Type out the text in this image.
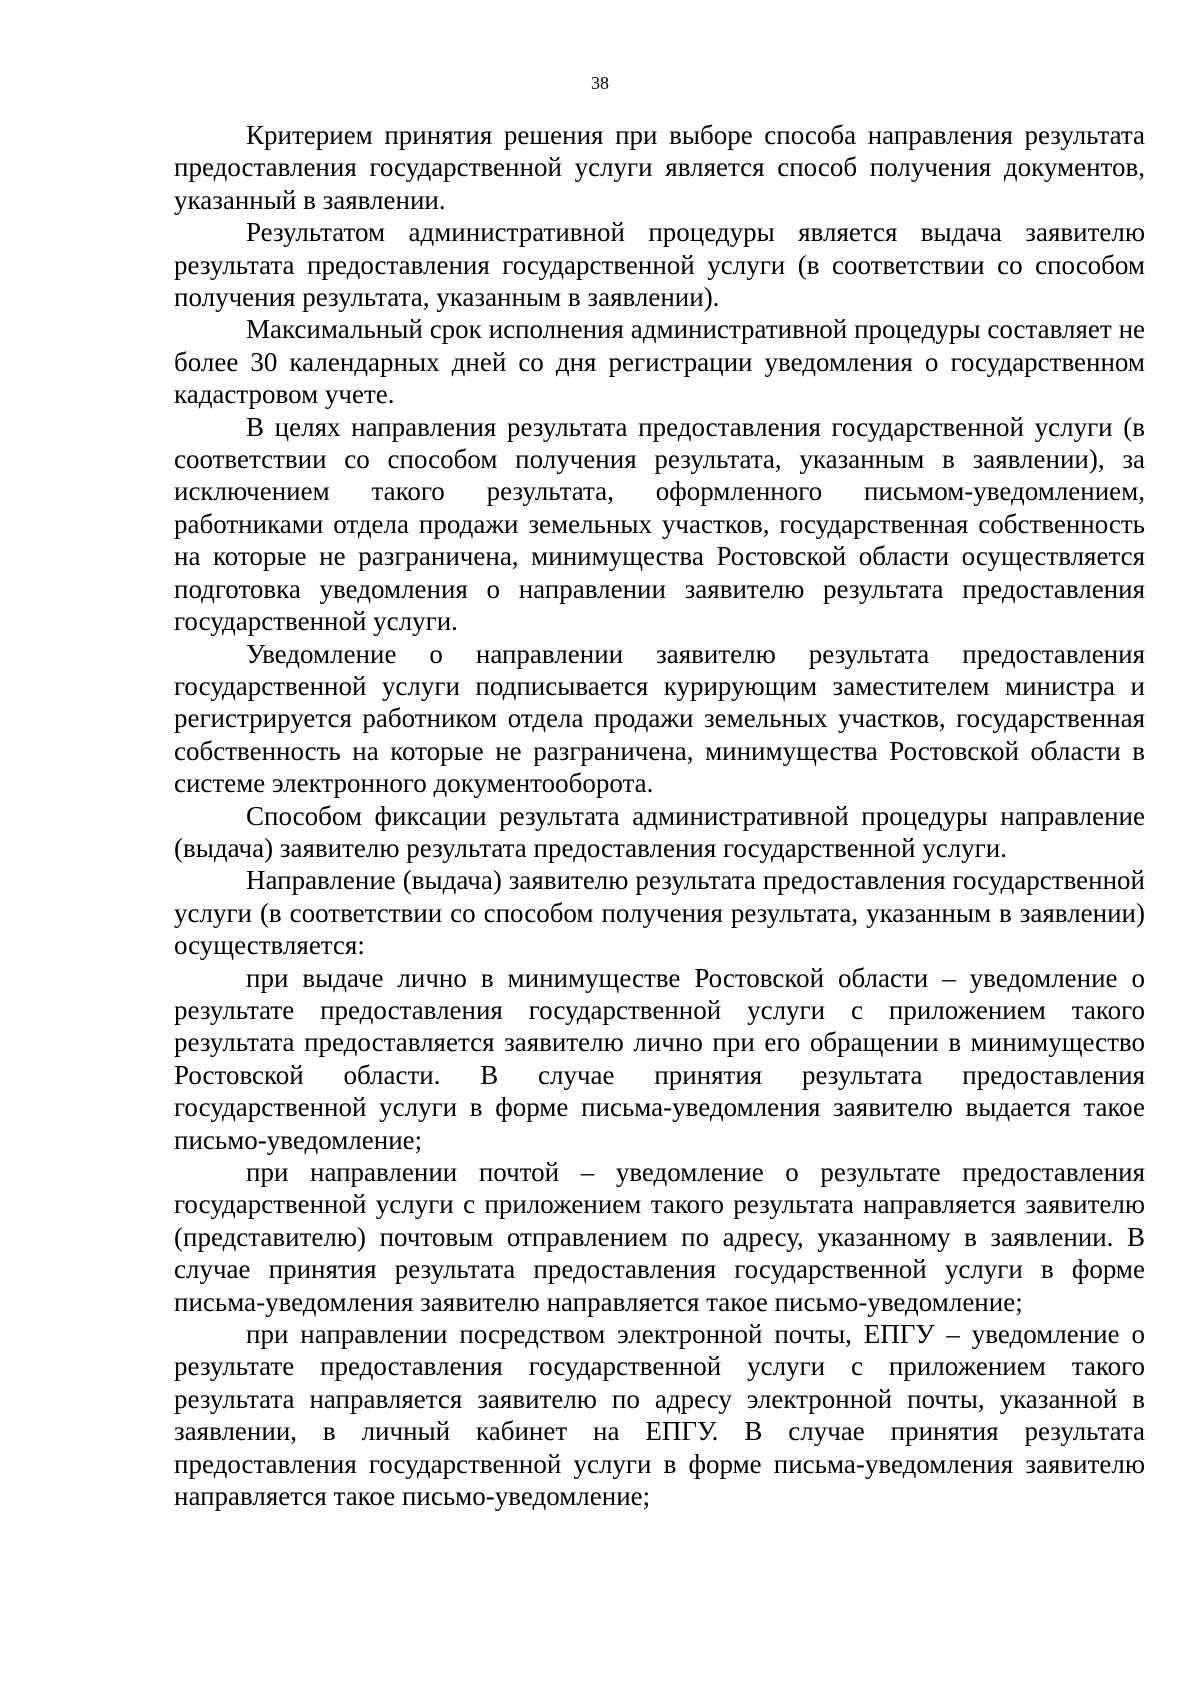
38

Критерием принятия решения при выборе способа направления результата предоставления государственной услуги является способ получения документов, указанный в заявлении.

Результатом административной процедуры является выдача заявителю результата предоставления государственной услуги (в соответствии со способом получения результата, указанным в заявлении).

Максимальный срок исполнения административной процедуры составляет не более 30 календарных дней со дня регистрации уведомления о государственном кадастровом учете.

В целях направления результата предоставления государственной услуги (в соответствии со способом получения результата, указанным в заявлении), за исключением такого результата, оформленного письмом-уведомлением, работниками отдела продажи земельных участков, государственная собственность на которые не разграничена, минимущества Ростовской области осуществляется подготовка уведомления о направлении заявителю результата предоставления государственной услуги.

Уведомление о направлении заявителю результата предоставления государственной услуги подписывается курирующим заместителем министра и регистрируется работником отдела продажи земельных участков, государственная собственность на которые не разграничена, минимущества Ростовской области в системе электронного документооборота.

Способом фиксации результата административной процедуры направление (выдача) заявителю результата предоставления государственной услуги.

Направление (выдача) заявителю результата предоставления государственной услуги (в соответствии со способом получения результата, указанным в заявлении) осуществляется:

при выдаче лично в минимуществе Ростовской области – уведомление о результате предоставления государственной услуги с приложением такого результата предоставляется заявителю лично при его обращении в минимущество Ростовской области. В случае принятия результата предоставления государственной услуги в форме письма-уведомления заявителю выдается такое письмо-уведомление;

при направлении почтой – уведомление о результате предоставления государственной услуги с приложением такого результата направляется заявителю (представителю) почтовым отправлением по адресу, указанному в заявлении. В случае принятия результата предоставления государственной услуги в форме письма-уведомления заявителю направляется такое письмо-уведомление;

при направлении посредством электронной почты, ЕПГУ – уведомление о результате предоставления государственной услуги с приложением такого результата направляется заявителю по адресу электронной почты, указанной в заявлении, в личный кабинет на ЕПГУ. В случае принятия результата предоставления государственной услуги в форме письма-уведомления заявителю направляется такое письмо-уведомление;
